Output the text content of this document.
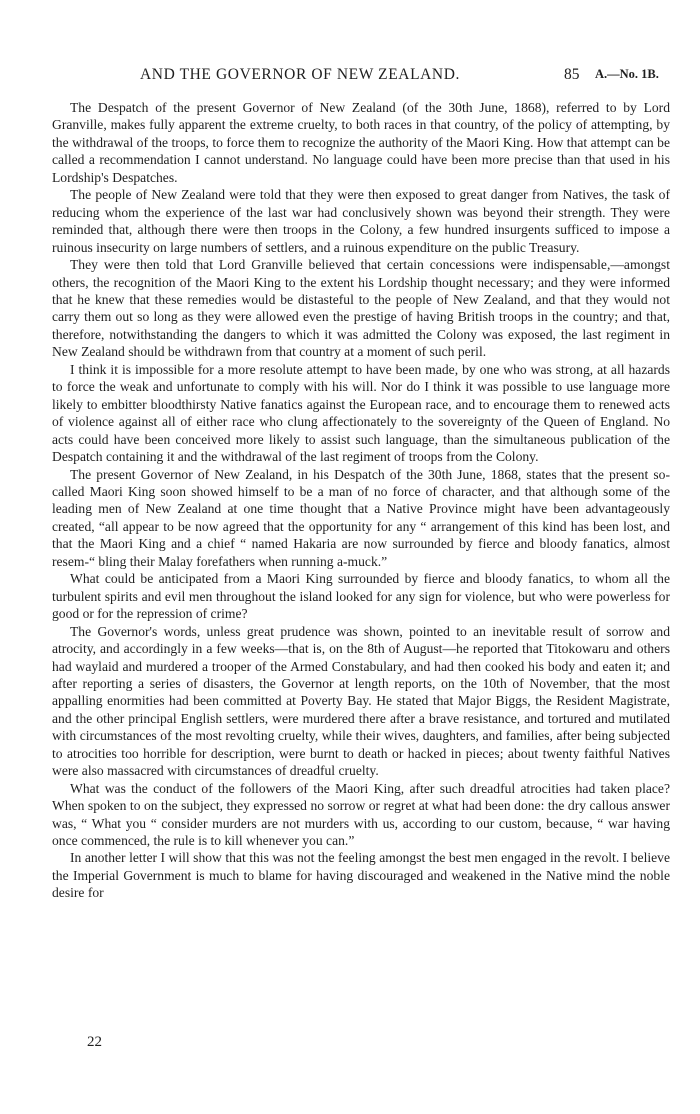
AND THE GOVERNOR OF NEW ZEALAND.	85 A.—No. 1B.

The Despatch of the present Governor of New Zealand (of the 30th June, 1868), referred to by Lord Granville, makes fully apparent the extreme cruelty, to both races in that country, of the policy of attempting, by the withdrawal of the troops, to force them to recognize the authority of the Maori King. How that attempt can be called a recommendation I cannot understand. No language could have been more precise than that used in his Lordship's Despatches.

The people of New Zealand were told that they were then exposed to great danger from Natives, the task of reducing whom the experience of the last war had conclusively shown was beyond their strength. They were reminded that, although there were then troops in the Colony, a few hundred insurgents sufficed to impose a ruinous insecurity on large numbers of settlers, and a ruinous expenditure on the public Treasury.

They were then told that Lord Granville believed that certain concessions were indispensable,—amongst others, the recognition of the Maori King to the extent his Lordship thought necessary; and they were informed that he knew that these remedies would be distasteful to the people of New Zealand, and that they would not carry them out so long as they were allowed even the prestige of having British troops in the country; and that, therefore, notwithstanding the dangers to which it was admitted the Colony was exposed, the last regiment in New Zealand should be withdrawn from that country at a moment of such peril.

I think it is impossible for a more resolute attempt to have been made, by one who was strong, at all hazards to force the weak and unfortunate to comply with his will. Nor do I think it was possible to use language more likely to embitter bloodthirsty Native fanatics against the European race, and to encourage them to renewed acts of violence against all of either race who clung affectionately to the sovereignty of the Queen of England. No acts could have been conceived more likely to assist such language, than the simultaneous publication of the Despatch containing it and the withdrawal of the last regiment of troops from the Colony.

The present Governor of New Zealand, in his Despatch of the 30th June, 1868, states that the present so-called Maori King soon showed himself to be a man of no force of character, and that although some of the leading men of New Zealand at one time thought that a Native Province might have been advantageously created, “all appear to be now agreed that the opportunity for any “ arrangement of this kind has been lost, and that the Maori King and a chief “ named Hakaria are now surrounded by fierce and bloody fanatics, almost resem-“ bling their Malay forefathers when running a-muck.”

What could be anticipated from a Maori King surrounded by fierce and bloody fanatics, to whom all the turbulent spirits and evil men throughout the island looked for any sign for violence, but who were powerless for good or for the repression of crime?

The Governor's words, unless great prudence was shown, pointed to an inevitable result of sorrow and atrocity, and accordingly in a few weeks—that is, on the 8th of August—he reported that Titokowaru and others had waylaid and murdered a trooper of the Armed Constabulary, and had then cooked his body and eaten it; and after reporting a series of disasters, the Governor at length reports, on the 10th of November, that the most appalling enormities had been committed at Poverty Bay. He stated that Major Biggs, the Resident Magistrate, and the other principal English settlers, were murdered there after a brave resistance, and tortured and mutilated with circumstances of the most revolting cruelty, while their wives, daughters, and families, after being subjected to atrocities too horrible for description, were burnt to death or hacked in pieces; about twenty faithful Natives were also massacred with circumstances of dreadful cruelty.

What was the conduct of the followers of the Maori King, after such dreadful atrocities had taken place? When spoken to on the subject, they expressed no sorrow or regret at what had been done: the dry callous answer was, “ What you “ consider murders are not murders with us, according to our custom, because, “ war having once commenced, the rule is to kill whenever you can.”

In another letter I will show that this was not the feeling amongst the best men engaged in the revolt. I believe the Imperial Government is much to blame for having discouraged and weakened in the Native mind the noble desire for

22
